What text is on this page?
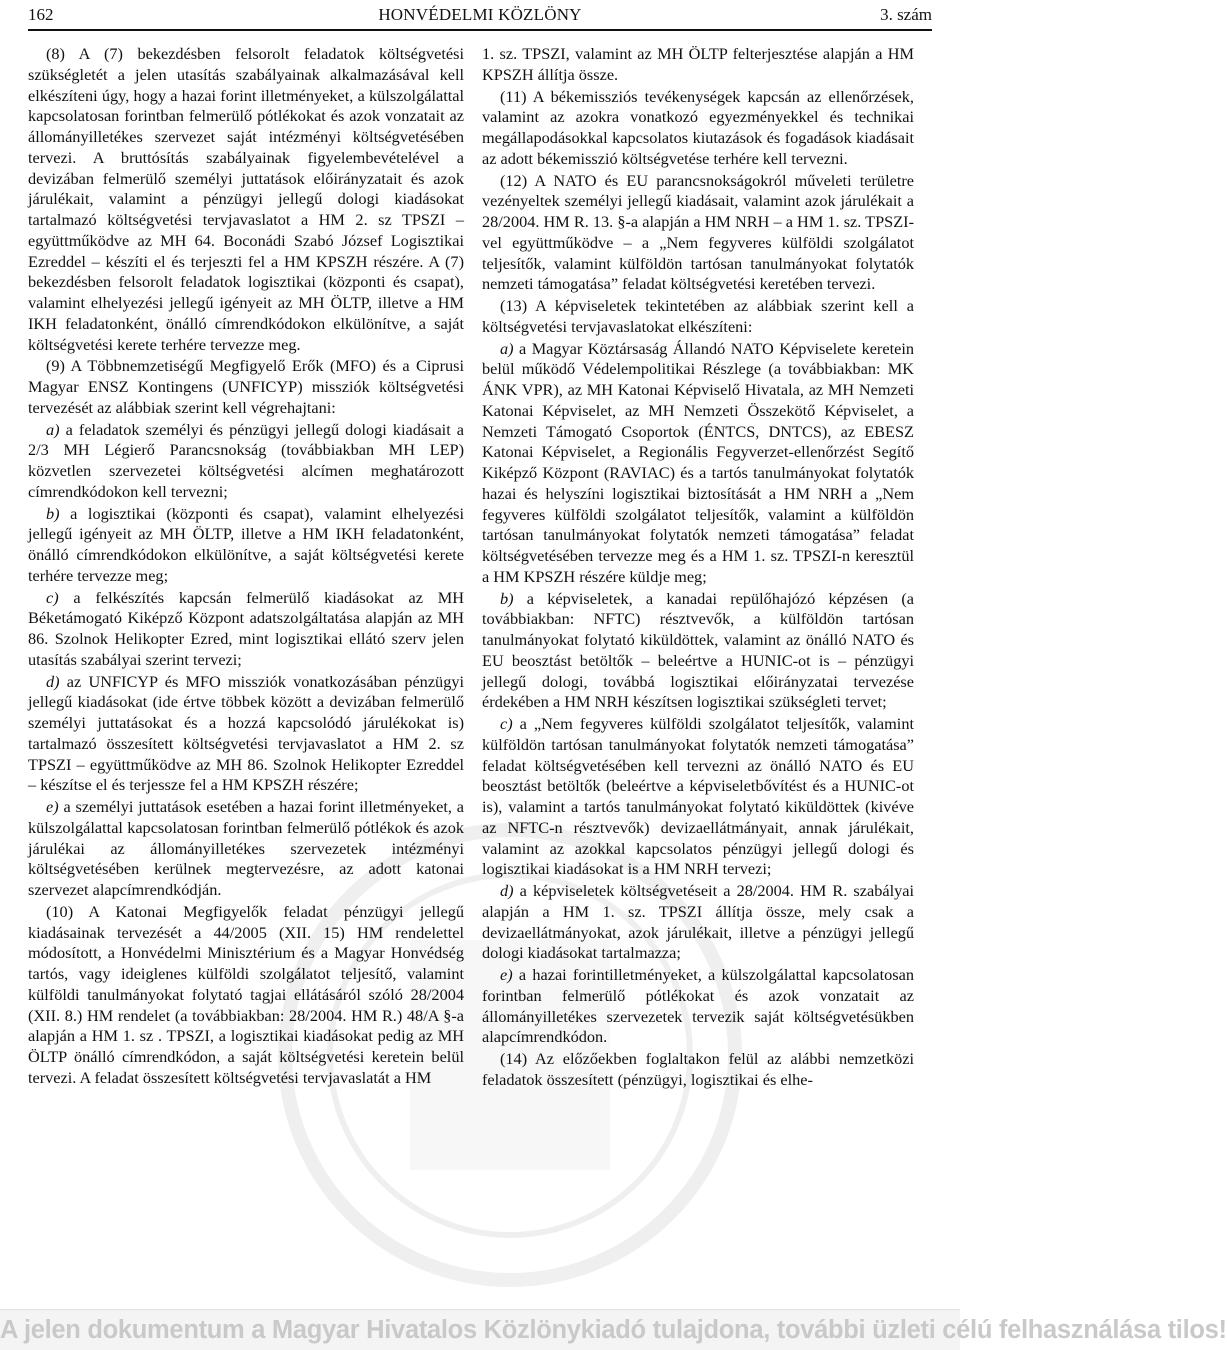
162	HONVÉDELMI KÖZLÖNY	3. szám

(8) A (7) bekezdésben felsorolt feladatok költségvetési szükségletét a jelen utasítás szabályainak alkalmazásával kell elkészíteni úgy, hogy a hazai forint illetményeket, a külszolgálattal kapcsolatosan forintban felmerülő pótlékokat és azok vonzatait az állományilletékes szervezet saját intézményi költségvetésében tervezi. A bruttósítás szabályainak figyelembevételével a devizában felmerülő személyi juttatások előirányzatait és azok járulékait, valamint a pénzügyi jellegű dologi kiadásokat tartalmazó költségvetési tervjavaslatot a HM 2. sz TPSZI – együttműködve az MH 64. Boconádi Szabó József Logisztikai Ezreddel – készíti el és terjeszti fel a HM KPSZH részére. A (7) bekezdésben felsorolt feladatok logisztikai (központi és csapat), valamint elhelyezési jellegű igényeit az MH ÖLTP, illetve a HM IKH feladatonként, önálló címrendkódokon elkülönítve, a saját költségvetési kerete terhére tervezze meg.

(9) A Többnemzetiségű Megfigyelő Erők (MFO) és a Ciprusi Magyar ENSZ Kontingens (UNFICYP) missziók költségvetési tervezését az alábbiak szerint kell végrehajtani:

a) a feladatok személyi és pénzügyi jellegű dologi kiadásait a 2/3 MH Légierő Parancsnokság (továbbiakban MH LEP) közvetlen szervezetei költségvetési alcímen meghatározott címrendkódokon kell tervezni;

b) a logisztikai (központi és csapat), valamint elhelyezési jellegű igényeit az MH ÖLTP, illetve a HM IKH feladatonként, önálló címrendkódokon elkülönítve, a saját költségvetési kerete terhére tervezze meg;

c) a felkészítés kapcsán felmerülő kiadásokat az MH Béketámogató Kiképző Központ adatszolgáltatása alapján az MH 86. Szolnok Helikopter Ezred, mint logisztikai ellátó szerv jelen utasítás szabályai szerint tervezi;

d) az UNFICYP és MFO missziók vonatkozásában pénzügyi jellegű kiadásokat (ide értve többek között a devizában felmerülő személyi juttatásokat és a hozzá kapcsolódó járulékokat is) tartalmazó összesített költségvetési tervjavaslatot a HM 2. sz TPSZI – együttműködve az MH 86. Szolnok Helikopter Ezreddel – készítse el és terjessze fel a HM KPSZH részére;

e) a személyi juttatások esetében a hazai forint illetményeket, a külszolgálattal kapcsolatosan forintban felmerülő pótlékok és azok járulékai az állományilletékes szervezetek intézményi költségvetésében kerülnek megtervezésre, az adott katonai szervezet alapcímrendkódján.

(10) A Katonai Megfigyelők feladat pénzügyi jellegű kiadásainak tervezését a 44/2005 (XII. 15) HM rendelettel módosított, a Honvédelmi Minisztérium és a Magyar Honvédség tartós, vagy ideiglenes külföldi szolgálatot teljesítő, valamint külföldi tanulmányokat folytató tagjai ellátásáról szóló 28/2004 (XII. 8.) HM rendelet (a továbbiakban: 28/2004. HM R.) 48/A §-a alapján a HM 1. sz . TPSZI, a logisztikai kiadásokat pedig az MH ÖLTP önálló címrendkódon, a saját költségvetési keretein belül tervezi. A feladat összesített költségvetési tervjavaslatát a HM

1. sz. TPSZI, valamint az MH ÖLTP felterjesztése alapján a HM KPSZH állítja össze.

(11) A békemissziós tevékenységek kapcsán az ellenőrzések, valamint az azokra vonatkozó egyezményekkel és technikai megállapodásokkal kapcsolatos kiutazások és fogadások kiadásait az adott békemisszió költségvetése terhére kell tervezni.

(12) A NATO és EU parancsnokságokról műveleti területre vezényeltek személyi jellegű kiadásait, valamint azok járulékait a 28/2004. HM R. 13. §-a alapján a HM NRH – a HM 1. sz. TPSZI-vel együttműködve – a „Nem fegyveres külföldi szolgálatot teljesítők, valamint külföldön tartósan tanulmányokat folytatók nemzeti támogatása” feladat költségvetési keretében tervezi.

(13) A képviseletek tekintetében az alábbiak szerint kell a költségvetési tervjavaslatokat elkészíteni:

a) a Magyar Köztársaság Állandó NATO Képviselete keretein belül működő Védelempolitikai Részlege (a továbbiakban: MK ÁNK VPR), az MH Katonai Képviselő Hivatala, az MH Nemzeti Katonai Képviselet, az MH Nemzeti Összekötő Képviselet, a Nemzeti Támogató Csoportok (ÉNTCS, DNTCS), az EBESZ Katonai Képviselet, a Regionális Fegyverzet-ellenőrzést Segítő Kiképző Központ (RAVIAC) és a tartós tanulmányokat folytatók hazai és helyszíni logisztikai biztosítását a HM NRH a „Nem fegyveres külföldi szolgálatot teljesítők, valamint a külföldön tartósan tanulmányokat folytatók nemzeti támogatása” feladat költségvetésében tervezze meg és a HM 1. sz. TPSZI-n keresztül a HM KPSZH részére küldje meg;

b) a képviseletek, a kanadai repülőhajózó képzésen (a továbbiakban: NFTC) résztvevők, a külföldön tartósan tanulmányokat folytató kiküldöttek, valamint az önálló NATO és EU beosztást betöltők – beleértve a HUNIC-ot is – pénzügyi jellegű dologi, továbbá logisztikai előirányzatai tervezése érdekében a HM NRH készítsen logisztikai szükségleti tervet;

c) a „Nem fegyveres külföldi szolgálatot teljesítők, valamint külföldön tartósan tanulmányokat folytatók nemzeti támogatása” feladat költségvetésében kell tervezni az önálló NATO és EU beosztást betöltők (beleértve a képviseletbővítést és a HUNIC-ot is), valamint a tartós tanulmányokat folytató kiküldöttek (kivéve az NFTC-n résztvevők) devizaellátmányait, annak járulékait, valamint az azokkal kapcsolatos pénzügyi jellegű dologi és logisztikai kiadásokat is a HM NRH tervezi;

d) a képviseletek költségvetéseit a 28/2004. HM R. szabályai alapján a HM 1. sz. TPSZI állítja össze, mely csak a devizaellátmányokat, azok járulékait, illetve a pénzügyi jellegű dologi kiadásokat tartalmazza;

e) a hazai forintilletményeket, a külszolgálattal kapcsolatosan forintban felmerülő pótlékokat és azok vonzatait az állományilletékes szervezetek tervezik saját költségvetésükben alapcímrendkódon.

(14) Az előzőekben foglaltakon felül az alábbi nemzetközi feladatok összesített (pénzügyi, logisztikai és elhe-

A jelen dokumentum a Magyar Hivatalos Közlönykiadó tulajdona, további üzleti célú felhasználása tilos!
